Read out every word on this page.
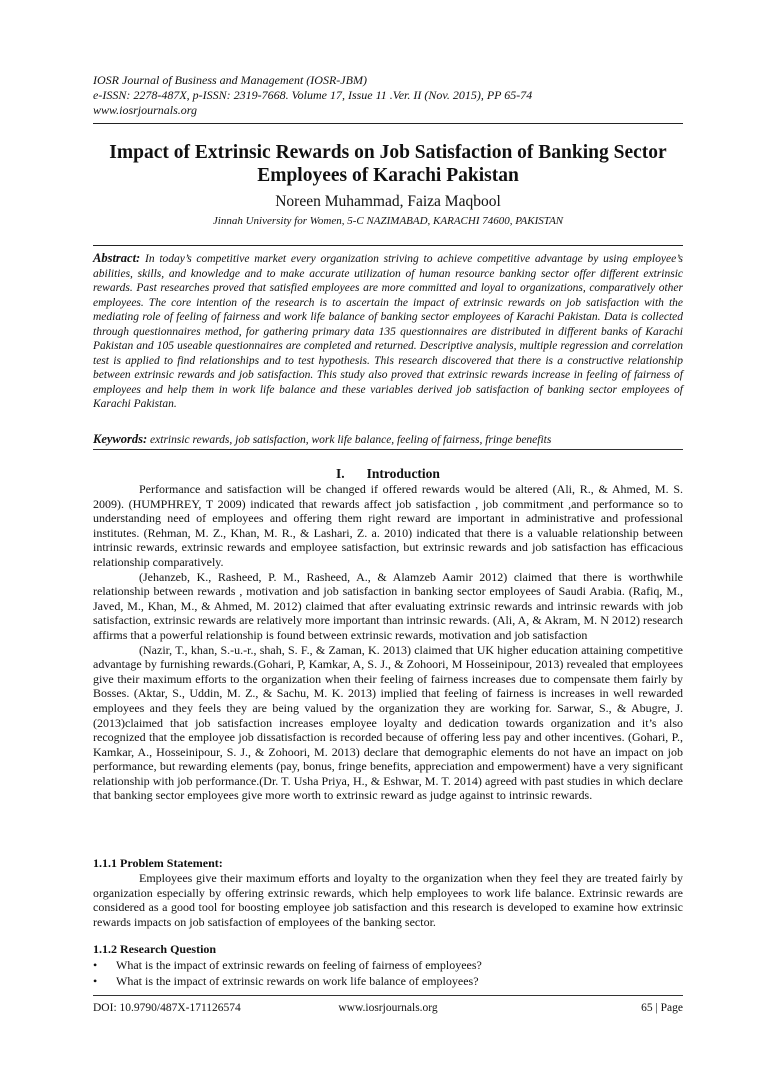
IOSR Journal of Business and Management (IOSR-JBM)
e-ISSN: 2278-487X, p-ISSN: 2319-7668. Volume 17, Issue 11 .Ver. II (Nov. 2015), PP 65-74
www.iosrjournals.org
Impact of Extrinsic Rewards on Job Satisfaction of Banking Sector Employees of Karachi Pakistan
Noreen Muhammad, Faiza Maqbool
Jinnah University for Women, 5-C NAZIMABAD, KARACHI 74600, PAKISTAN
Abstract: In today’s competitive market every organization striving to achieve competitive advantage by using employee’s abilities, skills, and knowledge and to make accurate utilization of human resource banking sector offer different extrinsic rewards. Past researches proved that satisfied employees are more committed and loyal to organizations, comparatively other employees. The core intention of the research is to ascertain the impact of extrinsic rewards on job satisfaction with the mediating role of feeling of fairness and work life balance of banking sector employees of Karachi Pakistan. Data is collected through questionnaires method, for gathering primary data 135 questionnaires are distributed in different banks of Karachi Pakistan and 105 useable questionnaires are completed and returned. Descriptive analysis, multiple regression and correlation test is applied to find relationships and to test hypothesis. This research discovered that there is a constructive relationship between extrinsic rewards and job satisfaction. This study also proved that extrinsic rewards increase in feeling of fairness of employees and help them in work life balance and these variables derived job satisfaction of banking sector employees of Karachi Pakistan.
Keywords: extrinsic rewards, job satisfaction, work life balance, feeling of fairness, fringe benefits
I. Introduction

Performance and satisfaction will be changed if offered rewards would be altered (Ali, R., & Ahmed, M. S. 2009). (HUMPHREY, T 2009) indicated that rewards affect job satisfaction , job commitment ,and performance so to understanding need of employees and offering them right reward are important in administrative and professional institutes. (Rehman, M. Z., Khan, M. R., & Lashari, Z. a. 2010) indicated that there is a valuable relationship between intrinsic rewards, extrinsic rewards and employee satisfaction, but extrinsic rewards and job satisfaction has efficacious relationship comparatively.

(Jehanzeb, K., Rasheed, P. M., Rasheed, A., & Alamzeb Aamir 2012) claimed that there is worthwhile relationship between rewards , motivation and job satisfaction in banking sector employees of Saudi Arabia. (Rafiq, M., Javed, M., Khan, M., & Ahmed, M. 2012) claimed that after evaluating extrinsic rewards and intrinsic rewards with job satisfaction, extrinsic rewards are relatively more important than intrinsic rewards. (Ali, A, & Akram, M. N 2012) research affirms that a powerful relationship is found between extrinsic rewards, motivation and job satisfaction

(Nazir, T., khan, S.-u.-r., shah, S. F., & Zaman, K. 2013) claimed that UK higher education attaining competitive advantage by furnishing rewards.(Gohari, P, Kamkar, A, S. J., & Zohoori, M Hosseinipour, 2013) revealed that employees give their maximum efforts to the organization when their feeling of fairness increases due to compensate them fairly by Bosses. (Aktar, S., Uddin, M. Z., & Sachu, M. K. 2013) implied that feeling of fairness is increases in well rewarded employees and they feels they are being valued by the organization they are working for. Sarwar, S., & Abugre, J. (2013)claimed that job satisfaction increases employee loyalty and dedication towards organization and it’s also recognized that the employee job dissatisfaction is recorded because of offering less pay and other incentives. (Gohari, P., Kamkar, A., Hosseinipour, S. J., & Zohoori, M. 2013) declare that demographic elements do not have an impact on job performance, but rewarding elements (pay, bonus, fringe benefits, appreciation and empowerment) have a very significant relationship with job performance.(Dr. T. Usha Priya, H., & Eshwar, M. T. 2014) agreed with past studies in which declare that banking sector employees give more worth to extrinsic reward as judge against to intrinsic rewards.

1.1.1 Problem Statement:

Employees give their maximum efforts and loyalty to the organization when they feel they are treated fairly by organization especially by offering extrinsic rewards, which help employees to work life balance. Extrinsic rewards are considered as a good tool for boosting employee job satisfaction and this research is developed to examine how extrinsic rewards impacts on job satisfaction of employees of the banking sector.

1.1.2 Research Question
• What is the impact of extrinsic rewards on feeling of fairness of employees?
• What is the impact of extrinsic rewards on work life balance of employees?
DOI: 10.9790/487X-171126574	www.iosrjournals.org	65 | Page
